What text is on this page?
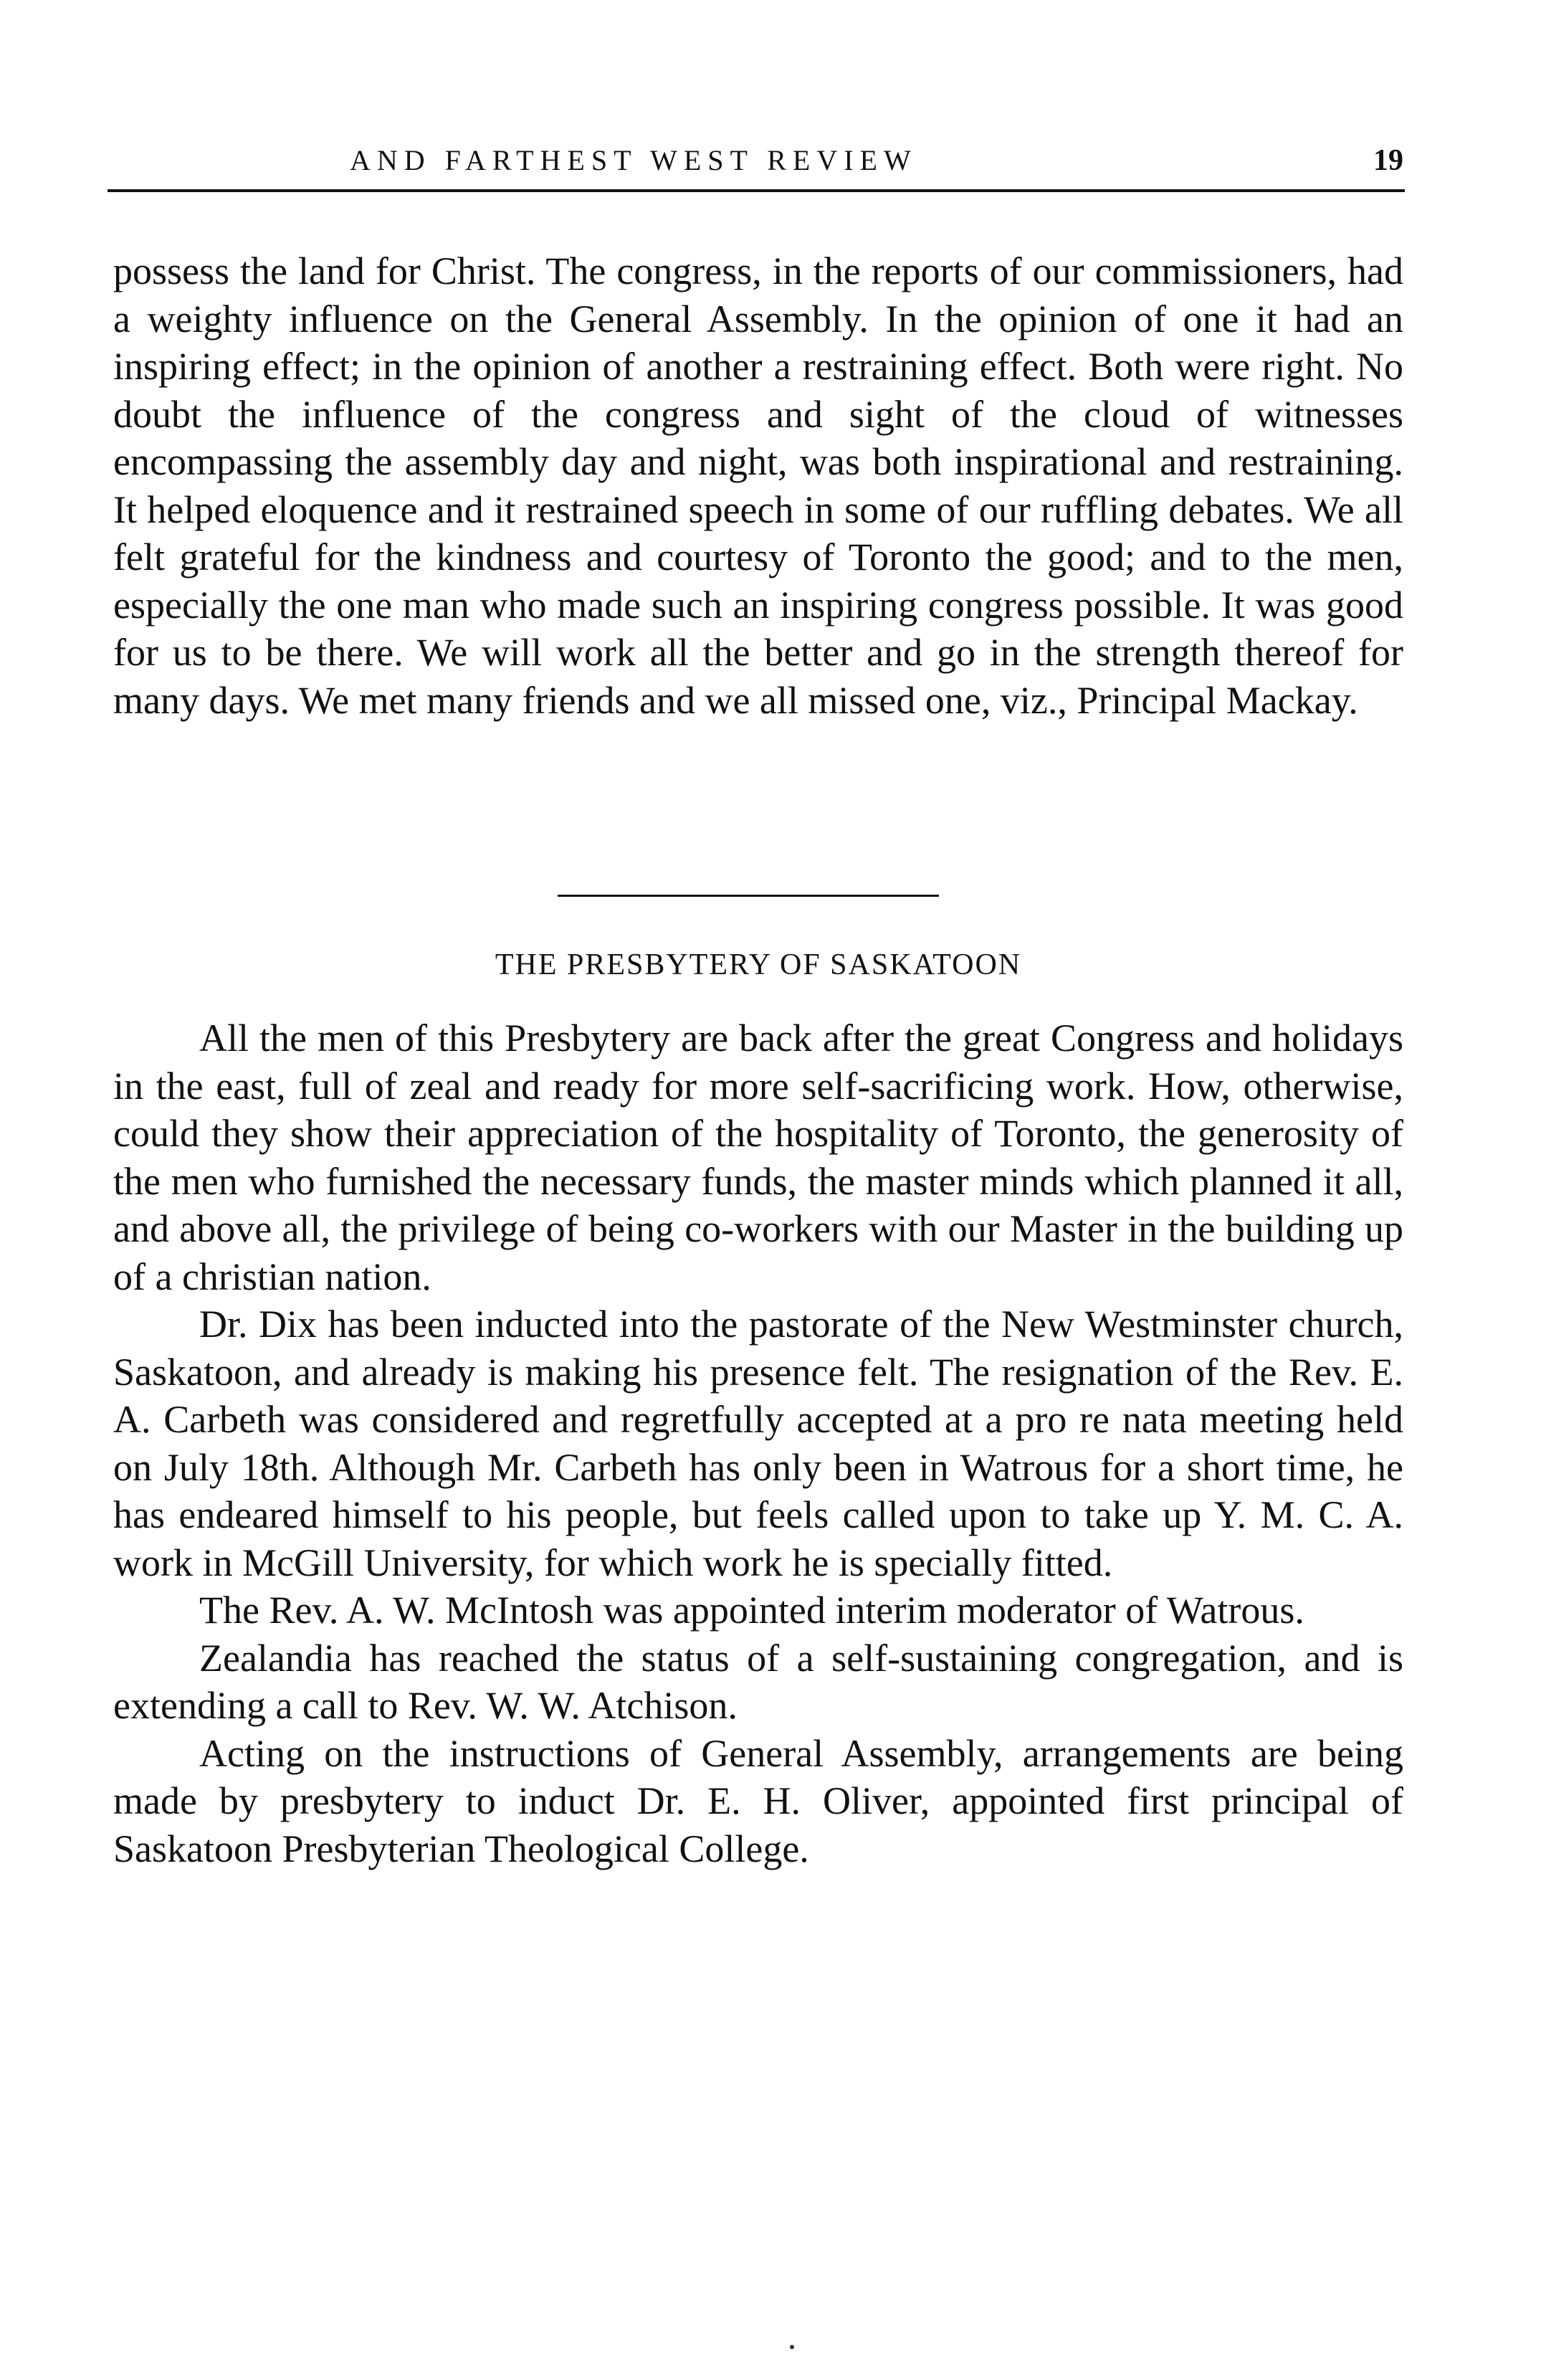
AND FARTHEST WEST REVIEW	19

possess the land for Christ. The congress, in the reports of our commissioners, had a weighty influence on the General Assembly. In the opinion of one it had an inspiring effect; in the opinion of another a restraining effect. Both were right. No doubt the influence of the congress and sight of the cloud of witnesses encompassing the assembly day and night, was both inspirational and restraining. It helped eloquence and it restrained speech in some of our ruffling debates. We all felt grateful for the kindness and courtesy of Toronto the good; and to the men, especially the one man who made such an inspiring congress possible. It was good for us to be there. We will work all the better and go in the strength thereof for many days. We met many friends and we all missed one, viz., Principal Mackay.

THE PRESBYTERY OF SASKATOON

All the men of this Presbytery are back after the great Congress and holidays in the east, full of zeal and ready for more self-sacrificing work. How, otherwise, could they show their appreciation of the hospitality of Toronto, the generosity of the men who furnished the necessary funds, the master minds which planned it all, and above all, the privilege of being co-workers with our Master in the building up of a christian nation.

Dr. Dix has been inducted into the pastorate of the New Westminster church, Saskatoon, and already is making his presence felt. The resignation of the Rev. E. A. Carbeth was considered and regretfully accepted at a pro re nata meeting held on July 18th. Although Mr. Carbeth has only been in Watrous for a short time, he has endeared himself to his people, but feels called upon to take up Y. M. C. A. work in McGill University, for which work he is specially fitted.

The Rev. A. W. McIntosh was appointed interim moderator of Watrous.

Zealandia has reached the status of a self-sustaining congregation, and is extending a call to Rev. W. W. Atchison.

Acting on the instructions of General Assembly, arrangements are being made by presbytery to induct Dr. E. H. Oliver, appointed first principal of Saskatoon Presbyterian Theological College.
